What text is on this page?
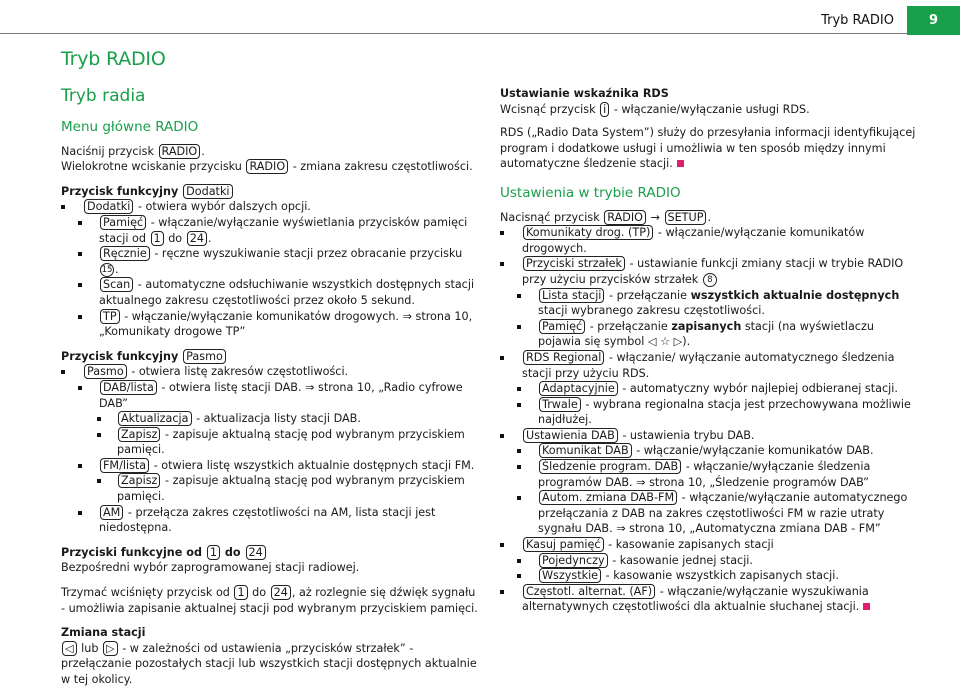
Tryb RADIO	9
Tryb RADIO
Tryb radia
Menu główne RADIO

Naciśnij przycisk RADIO .

Wielokrotne wciskanie przycisku RADIO - zmiana zakresu częstotliwości.

Przycisk funkcyjny Dodatki

Dodatki - otwiera wybór dalszych opcji.

Pamięć - włączanie/wyłączanie wyświetlania przycisków pamięci stacji od 1 do 24 .

Ręcznie - ręczne wyszukiwanie stacji przez obracanie przycisku 15 .

Scan - automatyczne odsłuchiwanie wszystkich dostępnych stacji aktualnego zakresu częstotliwości przez około 5 sekund.

TP - włączanie/wyłączanie komunikatów drogowych. ⇒ strona 10, „Komunikaty drogowe TP”

Przycisk funkcyjny Pasmo

Pasmo - otwiera listę zakresów częstotliwości.

DAB/lista - otwiera listę stacji DAB. ⇒ strona 10, „Radio cyfrowe DAB”

Aktualizacja - aktualizacja listy stacji DAB.

Zapisz - zapisuje aktualną stację pod wybranym przyciskiem pamięci.

FM/lista - otwiera listę wszystkich aktualnie dostępnych stacji FM.

Zapisz - zapisuje aktualną stację pod wybranym przyciskiem pamięci.

AM - przełącza zakres częstotliwości na AM, lista stacji jest niedostępna.

Przyciski funkcyjne od 1 do 24

Bezpośredni wybór zaprogramowanej stacji radiowej.

Trzymać wciśnięty przycisk od 1 do 24 , aż rozlegnie się dźwięk sygnału - umożliwia zapisanie aktualnej stacji pod wybranym przyciskiem pamięci.

Zmiana stacji

◁ lub ▷ - w zależności od ustawienia „przycisków strzałek” - przełączanie pozostałych stacji lub wszystkich stacji dostępnych aktualnie w tej okolicy.

Ustawianie wskaźnika RDS

Wcisnąć przycisk i - włączanie/wyłączanie usługi RDS.

RDS („Radio Data System”) służy do przesyłania informacji identyfikującej program i dodatkowe usługi i umożliwia w ten sposób między innymi automatyczne śledzenie stacji.

Ustawienia w trybie RADIO

Nacisnąć przycisk RADIO → SETUP .

Komunikaty drog. (TP) - włączanie/wyłączanie komunikatów drogowych.

Przyciski strzałek - ustawianie funkcji zmiany stacji w trybie RADIO przy użyciu przycisków strzałek 8

Lista stacji - przełączanie wszystkich aktualnie dostępnych stacji wybranego zakresu częstotliwości.

Pamięć - przełączanie zapisanych stacji (na wyświetlaczu pojawia się symbol ◁ ☆ ▷).

RDS Regional - włączanie/ wyłączanie automatycznego śledzenia stacji przy użyciu RDS.

Adaptacyjnie - automatyczny wybór najlepiej odbieranej stacji.

Trwale - wybrana regionalna stacja jest przechowywana możliwie najdłużej.

Ustawienia DAB - ustawienia trybu DAB.

Komunikat DAB - włączanie/wyłączanie komunikatów DAB.

Śledzenie program. DAB - włączanie/wyłączanie śledzenia programów DAB. ⇒ strona 10, „Śledzenie programów DAB”

Autom. zmiana DAB-FM - włączanie/wyłączanie automatycznego przełączania z DAB na zakres częstotliwości FM w razie utraty sygnału DAB. ⇒ strona 10, „Automatyczna zmiana DAB - FM”

Kasuj pamięć - kasowanie zapisanych stacji

Pojedynczy - kasowanie jednej stacji.

Wszystkie - kasowanie wszystkich zapisanych stacji.

Częstotl. alternat. (AF) - włączanie/wyłączanie wyszukiwania alternatywnych częstotliwości dla aktualnie słuchanej stacji.
